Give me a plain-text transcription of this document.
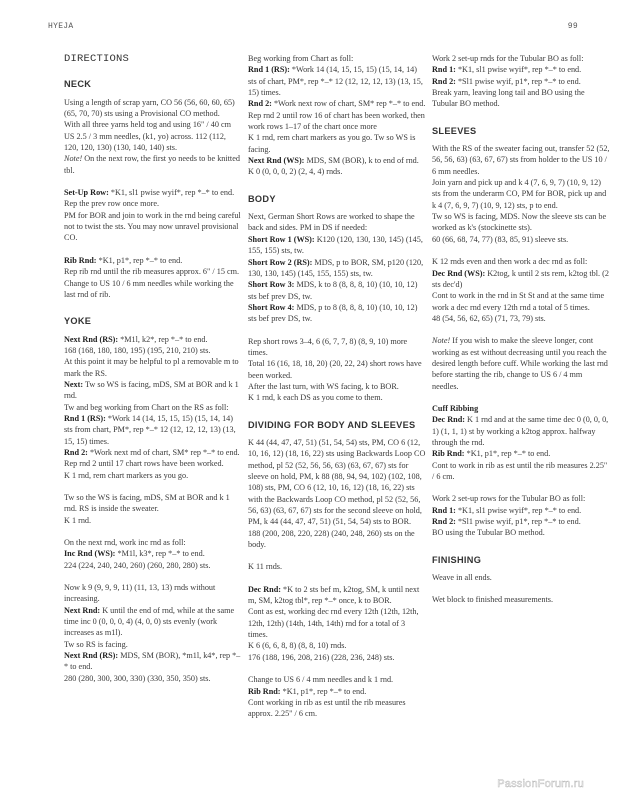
HYEJA	99
DIRECTIONS
NECK

Using a length of scrap yarn, CO 56 (56, 60, 60, 65) (65, 70, 70) sts using a Provisional CO method.

With all three yarns held tog and using 16" / 40 cm US 2.5 / 3 mm needles, (k1, yo) across. 112 (112, 120, 120, 130) (130, 140, 140) sts.

Note! On the next row, the first yo needs to be knitted tbl.

Set-Up Row: *K1, sl1 pwise wyif*, rep *–* to end.

Rep the prev row once more.

PM for BOR and join to work in the rnd being careful not to twist the sts. You may now unravel provisional CO.

Rib Rnd: *K1, p1*, rep *–* to end.

Rep rib rnd until the rib measures approx. 6" / 15 cm.

Change to US 10 / 6 mm needles while working the last rnd of rib.

YOKE

Next Rnd (RS): *M1l, k2*, rep *–* to end.

168 (168, 180, 180, 195) (195, 210, 210) sts.

At this point it may be helpful to pl a removable m to mark the RS.

Next: Tw so WS is facing, mDS, SM at BOR and k 1 rnd.

Tw and beg working from Chart on the RS as foll:

Rnd 1 (RS): *Work 14 (14, 15, 15, 15) (15, 14, 14) sts from chart, PM*, rep *–* 12 (12, 12, 12, 13) (13, 15, 15) times.

Rnd 2: *Work next rnd of chart, SM* rep *–* to end.

Rep rnd 2 until 17 chart rows have been worked.

K 1 rnd, rem chart markers as you go.

Tw so the WS is facing, mDS, SM at BOR and k 1 rnd. RS is inside the sweater.

K 1 rnd.

On the next rnd, work inc rnd as foll:

Inc Rnd (WS): *M1l, k3*, rep *–* to end.

224 (224, 240, 240, 260) (260, 280, 280) sts.

Now k 9 (9, 9, 9, 11) (11, 13, 13) rnds without increasing.

Next Rnd: K until the end of rnd, while at the same time inc 0 (0, 0, 0, 4) (4, 0, 0) sts evenly (work increases as m1l).

Tw so RS is facing.

Next Rnd (RS): MDS, SM (BOR), *m1l, k4*, rep *–* to end.

280 (280, 300, 300, 330) (330, 350, 350) sts.

Beg working from Chart as foll:

Rnd 1 (RS): *Work 14 (14, 15, 15, 15) (15, 14, 14) sts of chart, PM*, rep *–* 12 (12, 12, 12, 13) (13, 15, 15) times.

Rnd 2: *Work next row of chart, SM* rep *–* to end.

Rep rnd 2 until row 16 of chart has been worked, then work rows 1–17 of the chart once more

K 1 rnd, rem chart markers as you go. Tw so WS is facing.

Next Rnd (WS): MDS, SM (BOR), k to end of rnd.

K 0 (0, 0, 0, 2) (2, 4, 4) rnds.

BODY

Next, German Short Rows are worked to shape the back and sides. PM in DS if needed:

Short Row 1 (WS): K120 (120, 130, 130, 145) (145, 155, 155) sts, tw.

Short Row 2 (RS): MDS, p to BOR, SM, p120 (120, 130, 130, 145) (145, 155, 155) sts, tw.

Short Row 3: MDS, k to 8 (8, 8, 8, 10) (10, 10, 12) sts bef prev DS, tw.

Short Row 4: MDS, p to 8 (8, 8, 8, 10) (10, 10, 12) sts bef prev DS, tw.

Rep short rows 3–4, 6 (6, 7, 7, 8) (8, 9, 10) more times.

Total 16 (16, 18, 18, 20) (20, 22, 24) short rows have been worked.

After the last turn, with WS facing, k to BOR.

K 1 rnd, k each DS as you come to them.

DIVIDING FOR BODY AND SLEEVES

K 44 (44, 47, 47, 51) (51, 54, 54) sts, PM, CO 6 (12, 10, 16, 12) (18, 16, 22) sts using Backwards Loop CO method, pl 52 (52, 56, 56, 63) (63, 67, 67) sts for sleeve on hold, PM, k 88 (88, 94, 94, 102) (102, 108, 108) sts, PM, CO 6 (12, 10, 16, 12) (18, 16, 22) sts with the Backwards Loop CO method, pl 52 (52, 56, 56, 63) (63, 67, 67) sts for the second sleeve on hold, PM, k 44 (44, 47, 47, 51) (51, 54, 54) sts to BOR.

188 (200, 208, 220, 228) (240, 248, 260) sts on the body.

K 11 rnds.

Dec Rnd: *K to 2 sts bef m, k2tog, SM, k until next m, SM, k2tog tbl*, rep *–* once, k to BOR.

Cont as est, working dec rnd every 12th (12th, 12th, 12th, 12th) (14th, 14th, 14th) rnd for a total of 3 times.

K 6 (6, 6, 8, 8) (8, 8, 10) rnds.

176 (188, 196, 208, 216) (228, 236, 248) sts.

Change to US 6 / 4 mm needles and k 1 rnd.

Rib Rnd: *K1, p1*, rep *–* to end.

Cont working in rib as est until the rib measures approx. 2.25" / 6 cm.

Work 2 set-up rnds for the Tubular BO as foll:

Rnd 1: *K1, sl1 pwise wyif*, rep *–* to end.

Rnd 2: *Sl1 pwise wyif, p1*, rep *–* to end.

Break yarn, leaving long tail and BO using the Tubular BO method.

SLEEVES

With the RS of the sweater facing out, transfer 52 (52, 56, 56, 63) (63, 67, 67) sts from holder to the US 10 / 6 mm needles.

Join yarn and pick up and k 4 (7, 6, 9, 7) (10, 9, 12) sts from the underarm CO, PM for BOR, pick up and k 4 (7, 6, 9, 7) (10, 9, 12) sts, p to end.

Tw so WS is facing, MDS. Now the sleeve sts can be worked as k's (stockinette sts).

60 (66, 68, 74, 77) (83, 85, 91) sleeve sts.

K 12 rnds even and then work a dec rnd as foll:

Dec Rnd (WS): K2tog, k until 2 sts rem, k2tog tbl. (2 sts dec'd)

Cont to work in the rnd in St St and at the same time work a dec rnd every 12th rnd a total of 5 times.

48 (54, 56, 62, 65) (71, 73, 79) sts.

Note! If you wish to make the sleeve longer, cont working as est without decreasing until you reach the desired length before cuff. While working the last rnd before starting the rib, change to US 6 / 4 mm needles.

Cuff Ribbing

Dec Rnd: K 1 rnd and at the same time dec 0 (0, 0, 0, 1) (1, 1, 1) st by working a k2tog approx. halfway through the rnd.

Rib Rnd: *K1, p1*, rep *–* to end.

Cont to work in rib as est until the rib measures 2.25" / 6 cm.

Work 2 set-up rows for the Tubular BO as foll:

Rnd 1: *K1, sl1 pwise wyif*, rep *–* to end.

Rnd 2: *Sl1 pwise wyif, p1*, rep *–* to end.

BO using the Tubular BO method.

FINISHING

Weave in all ends.

Wet block to finished measurements.

PassionForum.ru
